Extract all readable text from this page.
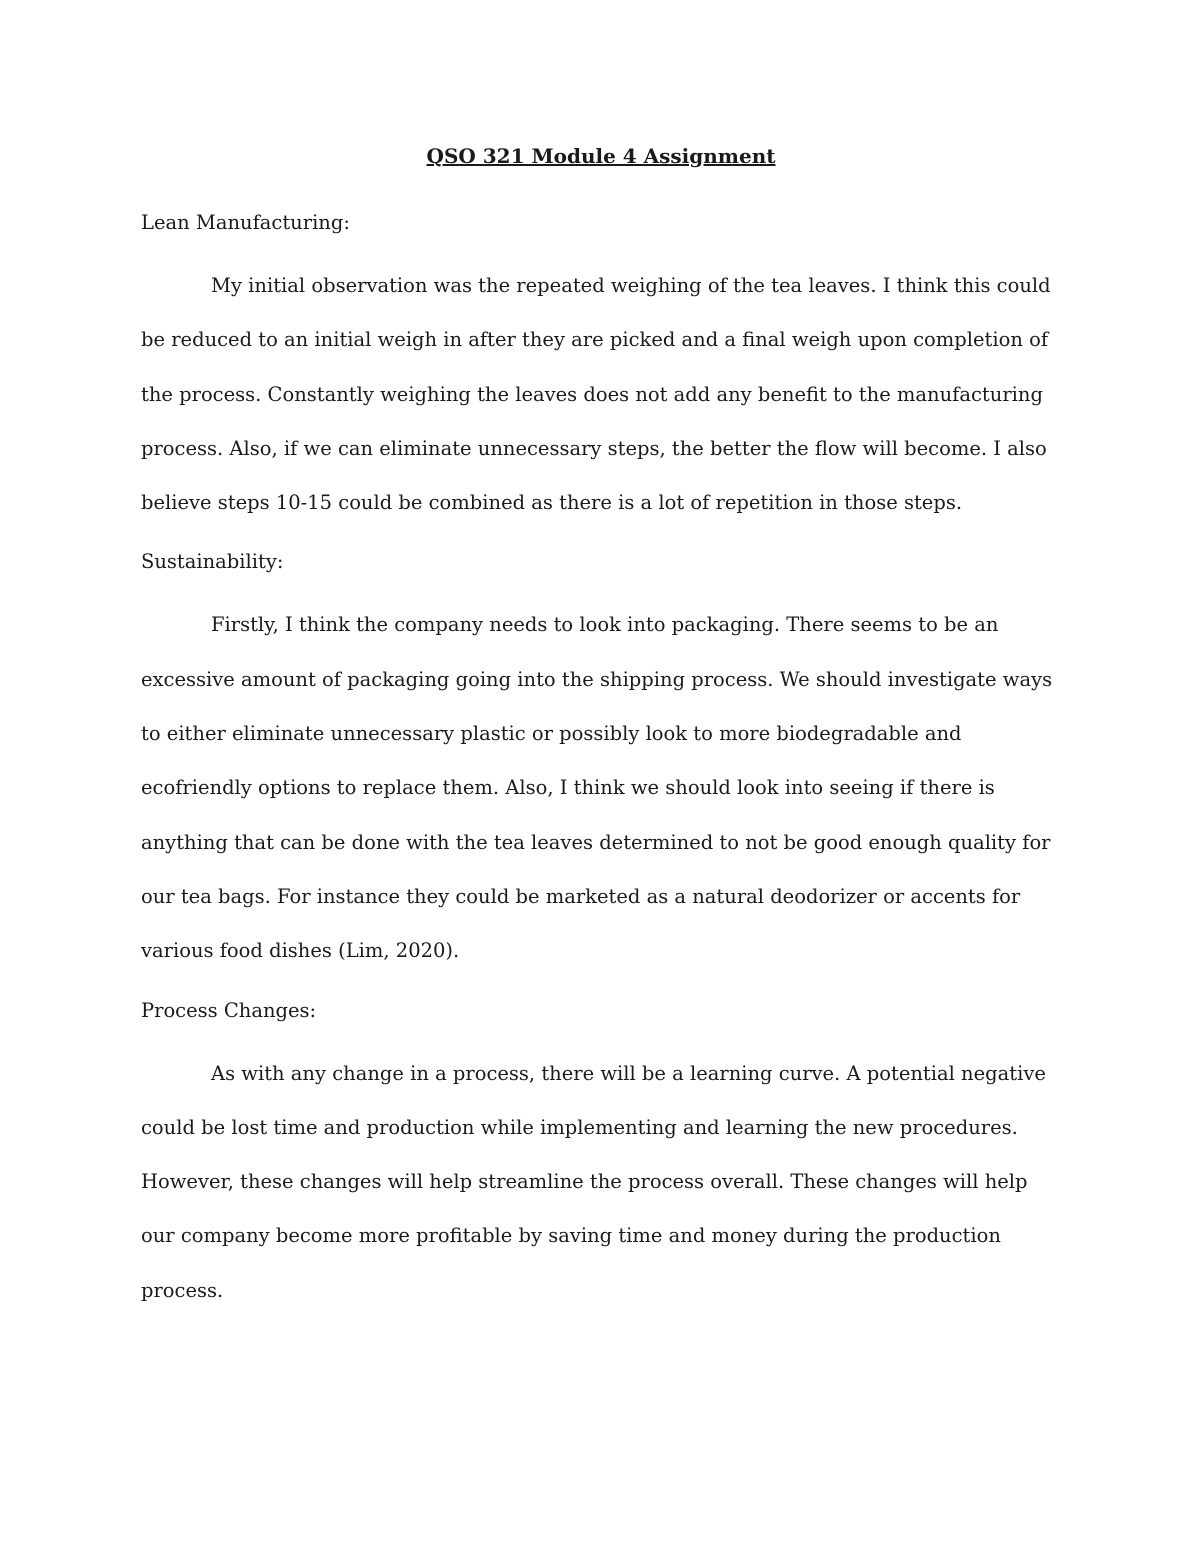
QSO 321 Module 4 Assignment
Lean Manufacturing:

My initial observation was the repeated weighing of the tea leaves. I think this could be reduced to an initial weigh in after they are picked and a final weigh upon completion of the process. Constantly weighing the leaves does not add any benefit to the manufacturing process. Also, if we can eliminate unnecessary steps, the better the flow will become. I also believe steps 10-15 could be combined as there is a lot of repetition in those steps.

Sustainability:

Firstly, I think the company needs to look into packaging. There seems to be an excessive amount of packaging going into the shipping process. We should investigate ways to either eliminate unnecessary plastic or possibly look to more biodegradable and ecofriendly options to replace them. Also, I think we should look into seeing if there is anything that can be done with the tea leaves determined to not be good enough quality for our tea bags. For instance they could be marketed as a natural deodorizer or accents for various food dishes (Lim, 2020).

Process Changes:

As with any change in a process, there will be a learning curve. A potential negative could be lost time and production while implementing and learning the new procedures. However, these changes will help streamline the process overall. These changes will help our company become more profitable by saving time and money during the production process.
